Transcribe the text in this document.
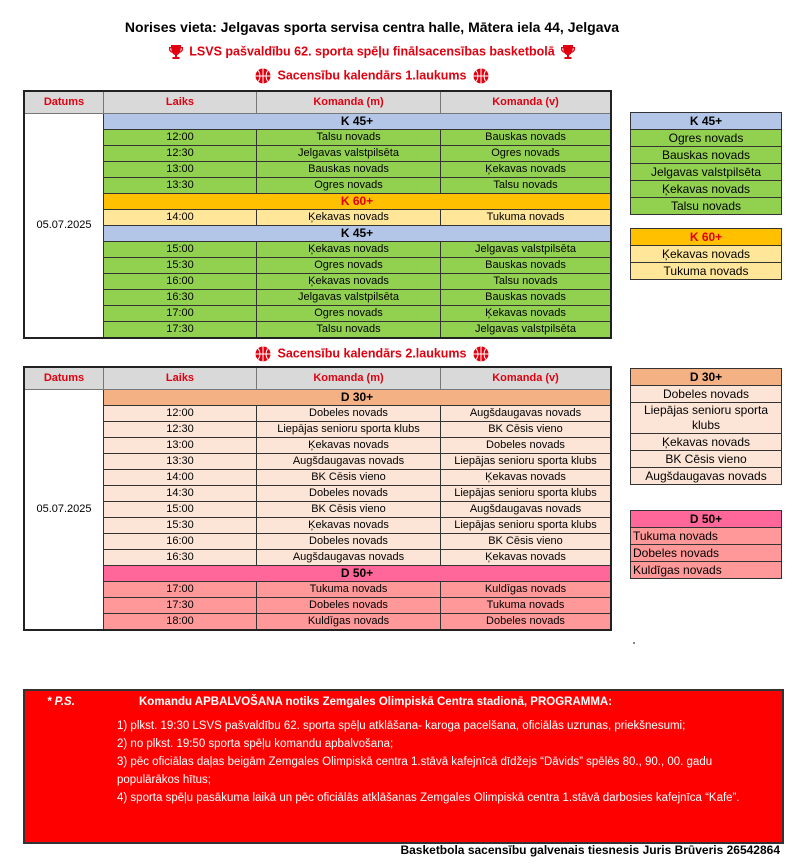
Norises vieta: Jelgavas sporta servisa centra halle, Mātera iela 44, Jelgava
LSVS pašvaldību 62. sporta spēļu finālsacensības basketbolā
Sacensību kalendārs 1.laukums
Datums	Laiks	Komanda (m)	Komanda (v)
05.07.2025	K 45+		
	12:00	Talsu novads	Bauskas novads
	12:30	Jelgavas valstpilsēta	Ogres novads
	13:00	Bauskas novads	Ķekavas novads
	13:30	Ogres novads	Talsu novads
	K 60+		
	14:00	Ķekavas novads	Tukuma novads
	K 45+		
	15:00	Ķekavas novads	Jelgavas valstpilsēta
	15:30	Ogres novads	Bauskas novads
	16:00	Ķekavas novads	Talsu novads
	16:30	Jelgavas valstpilsēta	Bauskas novads
	17:00	Ogres novads	Ķekavas novads
	17:30	Talsu novads	Jelgavas valstpilsēta
Sacensību kalendārs 2.laukums
Datums	Laiks	Komanda (m)	Komanda (v)
05.07.2025	D 30+		
	12:00	Dobeles novads	Augšdaugavas novads
	12:30	Liepājas senioru sporta klubs	BK Cēsis vieno
	13:00	Ķekavas novads	Dobeles novads
	13:30	Augšdaugavas novads	Liepājas senioru sporta klubs
	14:00	BK Cēsis vieno	Ķekavas novads
	14:30	Dobeles novads	Liepājas senioru sporta klubs
	15:00	BK Cēsis vieno	Augšdaugavas novads
	15:30	Ķekavas novads	Liepājas senioru sporta klubs
	16:00	Dobeles novads	BK Cēsis vieno
	16:30	Augšdaugavas novads	Ķekavas novads
	D 50+		
	17:00	Tukuma novads	Kuldīgas novads
	17:30	Dobeles novads	Tukuma novads
	18:00	Kuldīgas novads	Dobeles novads
K 45+
Ogres novads
Bauskas novads
Jelgavas valstpilsēta
Ķekavas novads
Talsu novads
K 60+
Ķekavas novads
Tukuma novads
D 30+
Dobeles novads
Liepājas senioru sporta klubs
Ķekavas novads
BK Cēsis vieno
Augšdaugavas novads
D 50+
Tukuma novads
Dobeles novads
Kuldīgas novads
* P.S.	Komandu APBALVOŠANA notiks Zemgales Olimpiskā Centra stadionā, PROGRAMMA:
1) plkst. 19:30 LSVS pašvaldību 62. sporta spēļu atklāšana- karoga pacelšana, oficiālās uzrunas, priekšnesumi;
2) no plkst. 19:50 sporta spēļu komandu apbalvošana;
3) pēc oficiālas daļas beigām Zemgales Olimpiskā centra 1.stāvā kafejnīcā dīdžejs “Dāvids” spēlēs 80., 90., 00. gadu populārākos hītus;
4) sporta spēļu pasākuma laikā un pēc oficiālās atklāšanas Zemgales Olimpiskā centra 1.stāvā darbosies kafejnīca “Kafe”.
Basketbola sacensību galvenais tiesnesis Juris Brūveris 26542864
